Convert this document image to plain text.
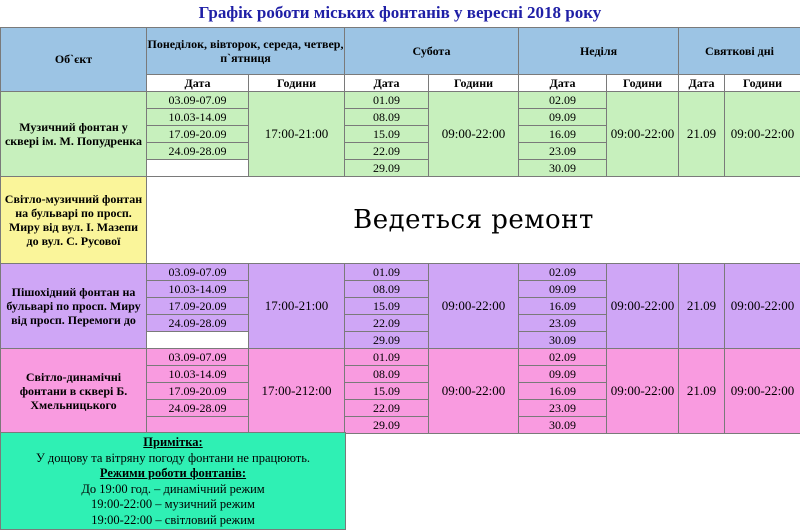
Графік роботи міських фонтанів у вересні 2018 року
Об`єкт	Понеділок, вівторок, середа, четвер, п`ятниця		Субота		Неділя		Святкові дні	
	Дата	Години	Дата	Години	Дата	Години	Дата	Години
Музичний фонтан у сквері ім. М. Попудренка	03.09-07.09	17:00-21:00	01.09	09:00-22:00	02.09	09:00-22:00	21.09	09:00-22:00
	10.03-14.09		08.09		09.09			
	17.09-20.09		15.09		16.09			
	24.09-28.09		22.09		23.09			
			29.09		30.09			
Світло-музичний фонтан на бульварі по просп. Миру від вул. І. Мазепи до вул. С. Русової	Ведеться ремонт							
Пішохідний фонтан на бульварі по просп. Миру від просп. Перемоги до	03.09-07.09	17:00-21:00	01.09	09:00-22:00	02.09	09:00-22:00	21.09	09:00-22:00
	10.03-14.09		08.09		09.09			
	17.09-20.09		15.09		16.09			
	24.09-28.09		22.09		23.09			
			29.09		30.09			
Світло-динамічні фонтани в сквері Б. Хмельницького	03.09-07.09	17:00-212:00	01.09	09:00-22:00	02.09	09:00-22:00	21.09	09:00-22:00
	10.03-14.09		08.09		09.09			
	17.09-20.09		15.09		16.09			
	24.09-28.09		22.09		23.09			
			29.09		30.09			
Примітка:
У дощову та вітряну погоду фонтани не працюють.
Режими роботи фонтанів:
До 19:00 год. – динамічний режим
19:00-22:00 – музичний режим
19:00-22:00 – світловий режим
